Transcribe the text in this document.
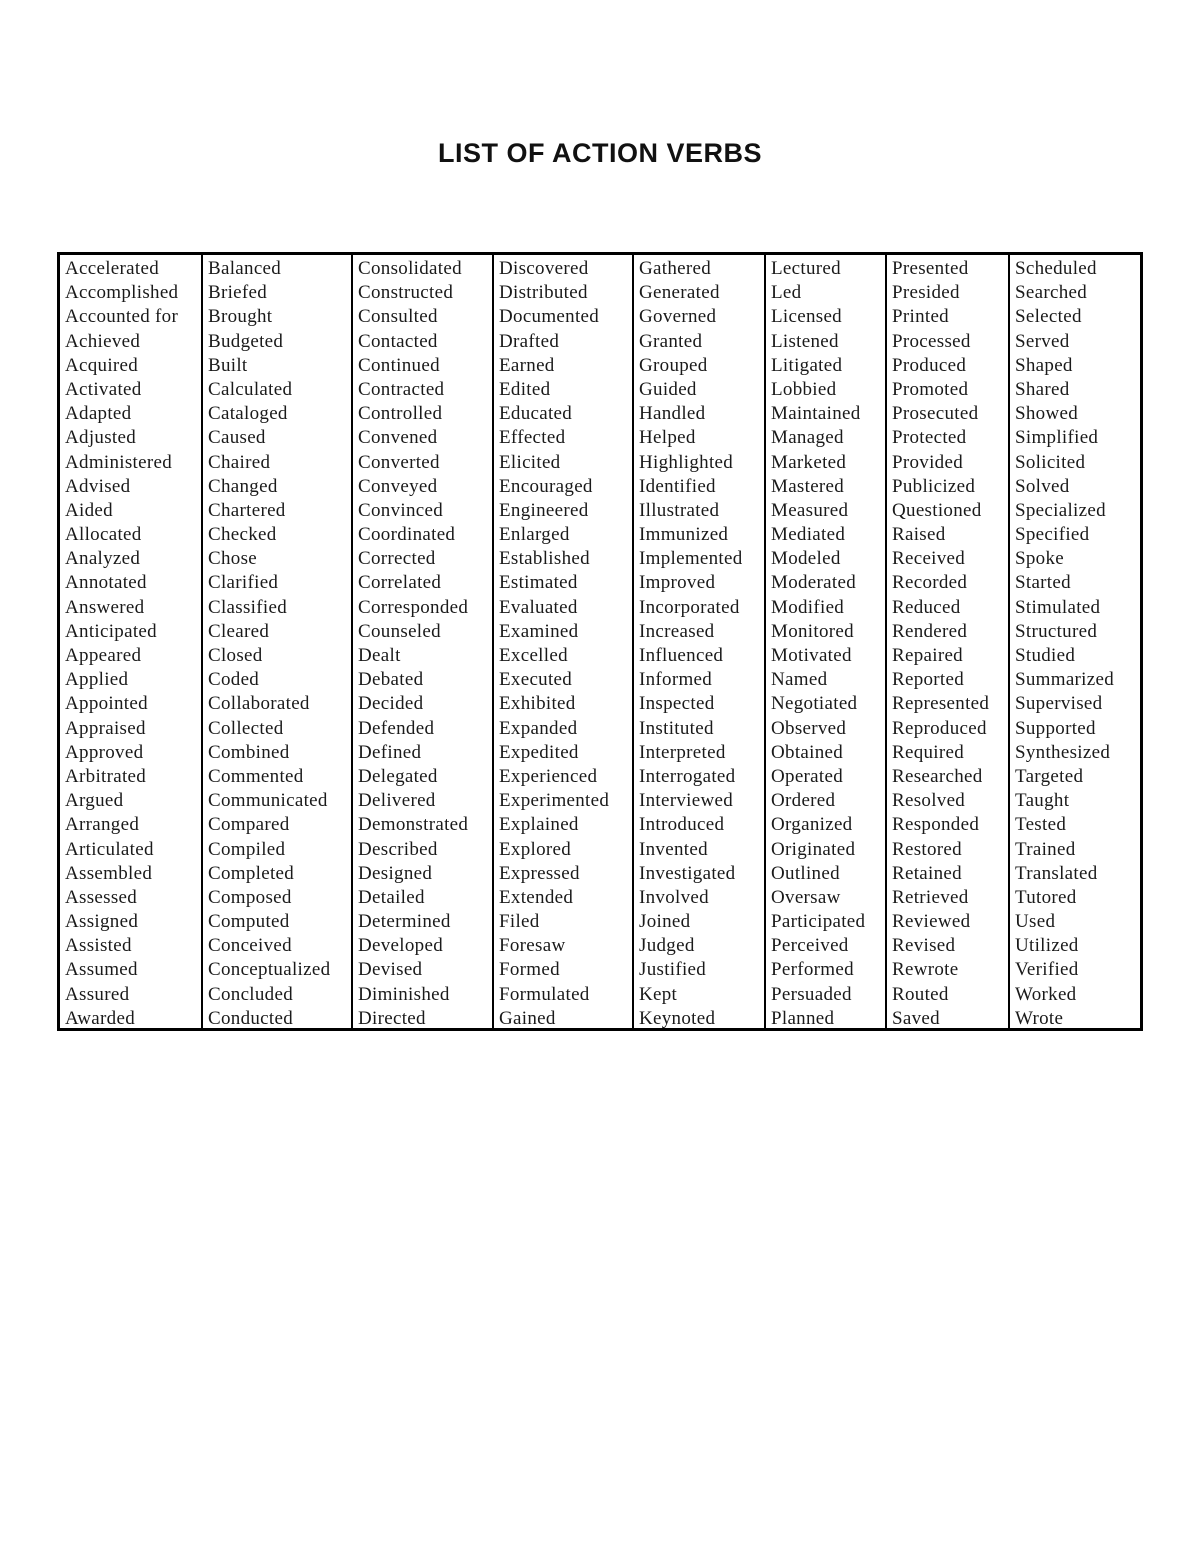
LIST OF ACTION VERBS
Accelerated
Accomplished
Accounted for
Achieved
Acquired
Activated
Adapted
Adjusted
Administered
Advised
Aided
Allocated
Analyzed
Annotated
Answered
Anticipated
Appeared
Applied
Appointed
Appraised
Approved
Arbitrated
Argued
Arranged
Articulated
Assembled
Assessed
Assigned
Assisted
Assumed
Assured
Awarded
Balanced
Briefed
Brought
Budgeted
Built
Calculated
Cataloged
Caused
Chaired
Changed
Chartered
Checked
Chose
Clarified
Classified
Cleared
Closed
Coded
Collaborated
Collected
Combined
Commented
Communicated
Compared
Compiled
Completed
Composed
Computed
Conceived
Conceptualized
Concluded
Conducted
Consolidated
Constructed
Consulted
Contacted
Continued
Contracted
Controlled
Convened
Converted
Conveyed
Convinced
Coordinated
Corrected
Correlated
Corresponded
Counseled
Dealt
Debated
Decided
Defended
Defined
Delegated
Delivered
Demonstrated
Described
Designed
Detailed
Determined
Developed
Devised
Diminished
Directed
Discovered
Distributed
Documented
Drafted
Earned
Edited
Educated
Effected
Elicited
Encouraged
Engineered
Enlarged
Established
Estimated
Evaluated
Examined
Excelled
Executed
Exhibited
Expanded
Expedited
Experienced
Experimented
Explained
Explored
Expressed
Extended
Filed
Foresaw
Formed
Formulated
Gained
Gathered
Generated
Governed
Granted
Grouped
Guided
Handled
Helped
Highlighted
Identified
Illustrated
Immunized
Implemented
Improved
Incorporated
Increased
Influenced
Informed
Inspected
Instituted
Interpreted
Interrogated
Interviewed
Introduced
Invented
Investigated
Involved
Joined
Judged
Justified
Kept
Keynoted
Lectured
Led
Licensed
Listened
Litigated
Lobbied
Maintained
Managed
Marketed
Mastered
Measured
Mediated
Modeled
Moderated
Modified
Monitored
Motivated
Named
Negotiated
Observed
Obtained
Operated
Ordered
Organized
Originated
Outlined
Oversaw
Participated
Perceived
Performed
Persuaded
Planned
Presented
Presided
Printed
Processed
Produced
Promoted
Prosecuted
Protected
Provided
Publicized
Questioned
Raised
Received
Recorded
Reduced
Rendered
Repaired
Reported
Represented
Reproduced
Required
Researched
Resolved
Responded
Restored
Retained
Retrieved
Reviewed
Revised
Rewrote
Routed
Saved
Scheduled
Searched
Selected
Served
Shaped
Shared
Showed
Simplified
Solicited
Solved
Specialized
Specified
Spoke
Started
Stimulated
Structured
Studied
Summarized
Supervised
Supported
Synthesized
Targeted
Taught
Tested
Trained
Translated
Tutored
Used
Utilized
Verified
Worked
Wrote
